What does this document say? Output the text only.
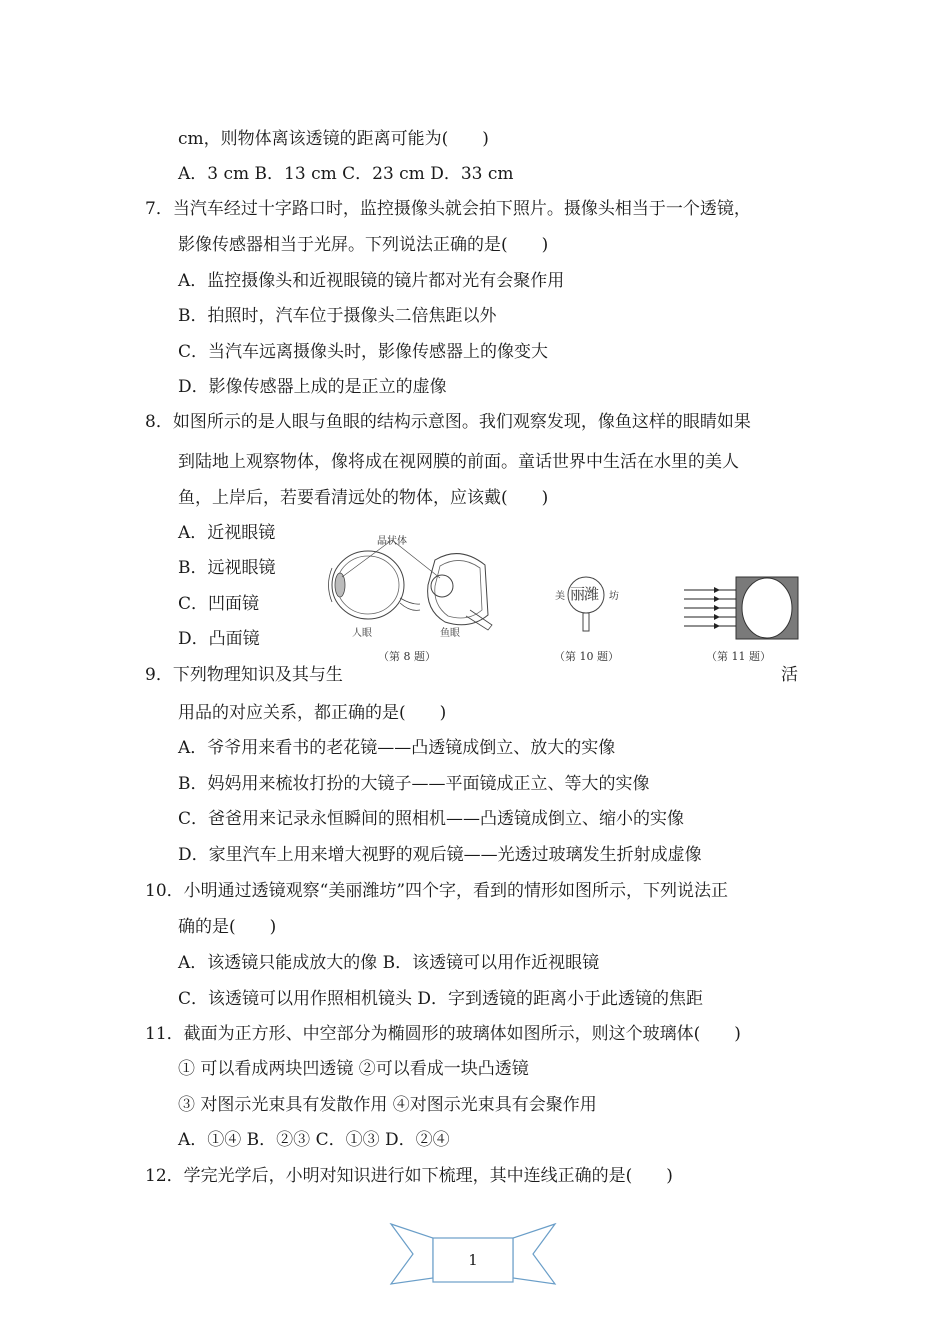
cm，则物体离该透镜的距离可能为(　　)
A．3 cm B．13 cm C．23 cm D．33 cm
7．当汽车经过十字路口时，监控摄像头就会拍下照片。摄像头相当于一个透镜，
影像传感器相当于光屏。下列说法正确的是(　　)
A．监控摄像头和近视眼镜的镜片都对光有会聚作用
B．拍照时，汽车位于摄像头二倍焦距以外
C．当汽车远离摄像头时，影像传感器上的像变大
D．影像传感器上成的是正立的虚像
8．如图所示的是人眼与鱼眼的结构示意图。我们观察发现，像鱼这样的眼睛如果
到陆地上观察物体，像将成在视网膜的前面。童话世界中生活在水里的美人
鱼，上岸后，若要看清远处的物体，应该戴(　　)
A．近视眼镜
B．远视眼镜
C．凹面镜
D．凸面镜
9．下列物理知识及其与生	活
用品的对应关系，都正确的是(　　)
A．爷爷用来看书的老花镜——凸透镜成倒立、放大的实像
B．妈妈用来梳妆打扮的大镜子——平面镜成正立、等大的实像
C．爸爸用来记录永恒瞬间的照相机——凸透镜成倒立、缩小的实像
D．家里汽车上用来增大视野的观后镜——光透过玻璃发生折射成虚像
10．小明通过透镜观察“美丽潍坊”四个字，看到的情形如图所示，下列说法正
确的是(　　)
A．该透镜只能成放大的像 B．该透镜可以用作近视眼镜
C．该透镜可以用作照相机镜头 D．字到透镜的距离小于此透镜的焦距
11．截面为正方形、中空部分为椭圆形的玻璃体如图所示，则这个玻璃体(　　)
① 可以看成两块凹透镜 ②可以看成一块凸透镜
③ 对图示光束具有发散作用 ④对图示光束具有会聚作用
A．①④ B．②③ C．①③ D．②④
12．学完光学后，小明对知识进行如下梳理，其中连线正确的是(　　)
晶状体
人眼	鱼眼
（第 8 题）
美 丽潍 坊
（第 10 题）	（第 11 题）
1
